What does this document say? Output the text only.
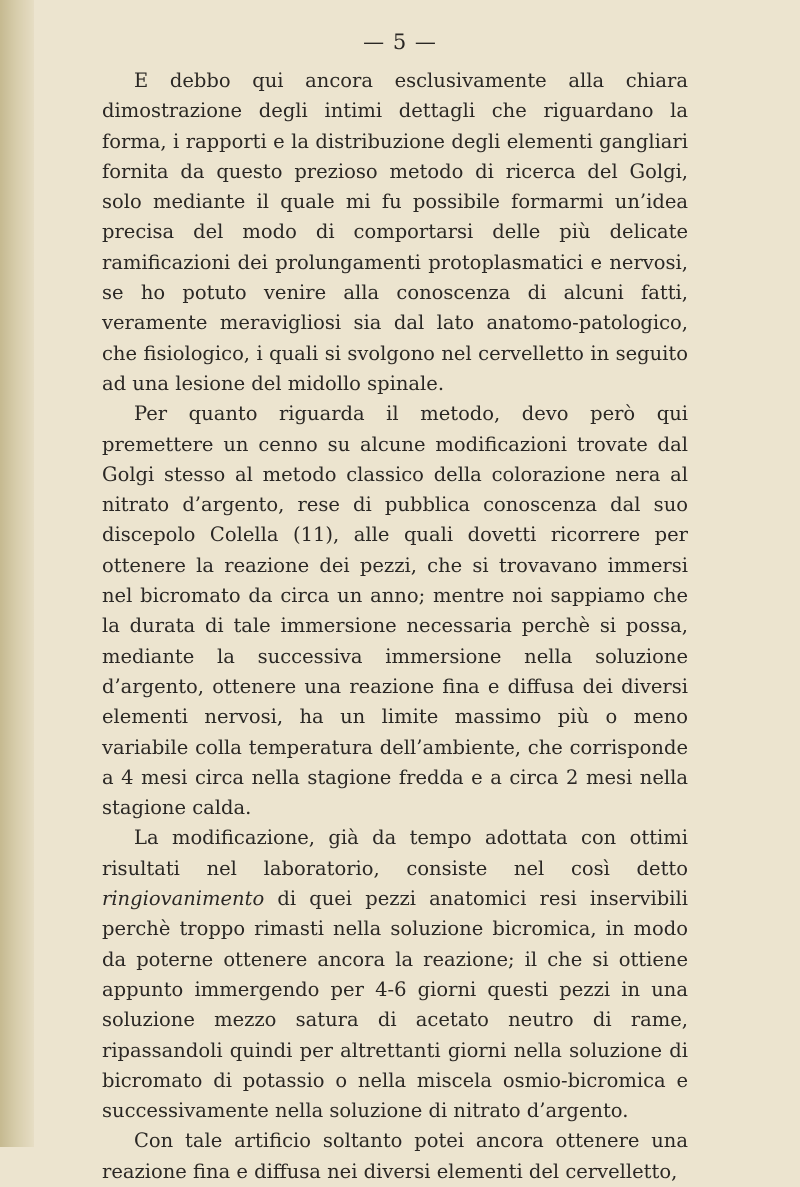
— 5 —

E debbo qui ancora esclusivamente alla chiara dimostrazione degli intimi dettagli che riguardano la forma, i rapporti e la distribuzione degli elementi gangliari fornita da questo prezioso metodo di ricerca del Golgi, solo mediante il quale mi fu possibile formarmi un’idea precisa del modo di comportarsi delle più delicate ramificazioni dei prolungamenti protoplasmatici e nervosi, se ho potuto venire alla conoscenza di alcuni fatti, veramente meravigliosi sia dal lato anatomo-patologico, che fisiologico, i quali si svolgono nel cervelletto in seguito ad una lesione del midollo spinale.

Per quanto riguarda il metodo, devo però qui premettere un cenno su alcune modificazioni trovate dal Golgi stesso al metodo classico della colorazione nera al nitrato d’argento, rese di pubblica conoscenza dal suo discepolo Colella (11), alle quali dovetti ricorrere per ottenere la reazione dei pezzi, che si trovavano immersi nel bicromato da circa un anno; mentre noi sappiamo che la durata di tale immersione necessaria perchè si possa, mediante la successiva immersione nella soluzione d’argento, ottenere una reazione fina e diffusa dei diversi elementi nervosi, ha un limite massimo più o meno variabile colla temperatura dell’ambiente, che corrisponde a 4 mesi circa nella stagione fredda e a circa 2 mesi nella stagione calda.

La modificazione, già da tempo adottata con ottimi risultati nel laboratorio, consiste nel così detto ringiovanimento di quei pezzi anatomici resi inservibili perchè troppo rimasti nella soluzione bicromica, in modo da poterne ottenere ancora la reazione; il che si ottiene appunto immergendo per 4-6 giorni questi pezzi in una soluzione mezzo satura di acetato neutro di rame, ripassandoli quindi per altrettanti giorni nella soluzione di bicromato di potassio o nella miscela osmio-bicromica e successivamente nella soluzione di nitrato d’argento.

Con tale artificio soltanto potei ancora ottenere una reazione fina e diffusa nei diversi elementi del cervelletto,
